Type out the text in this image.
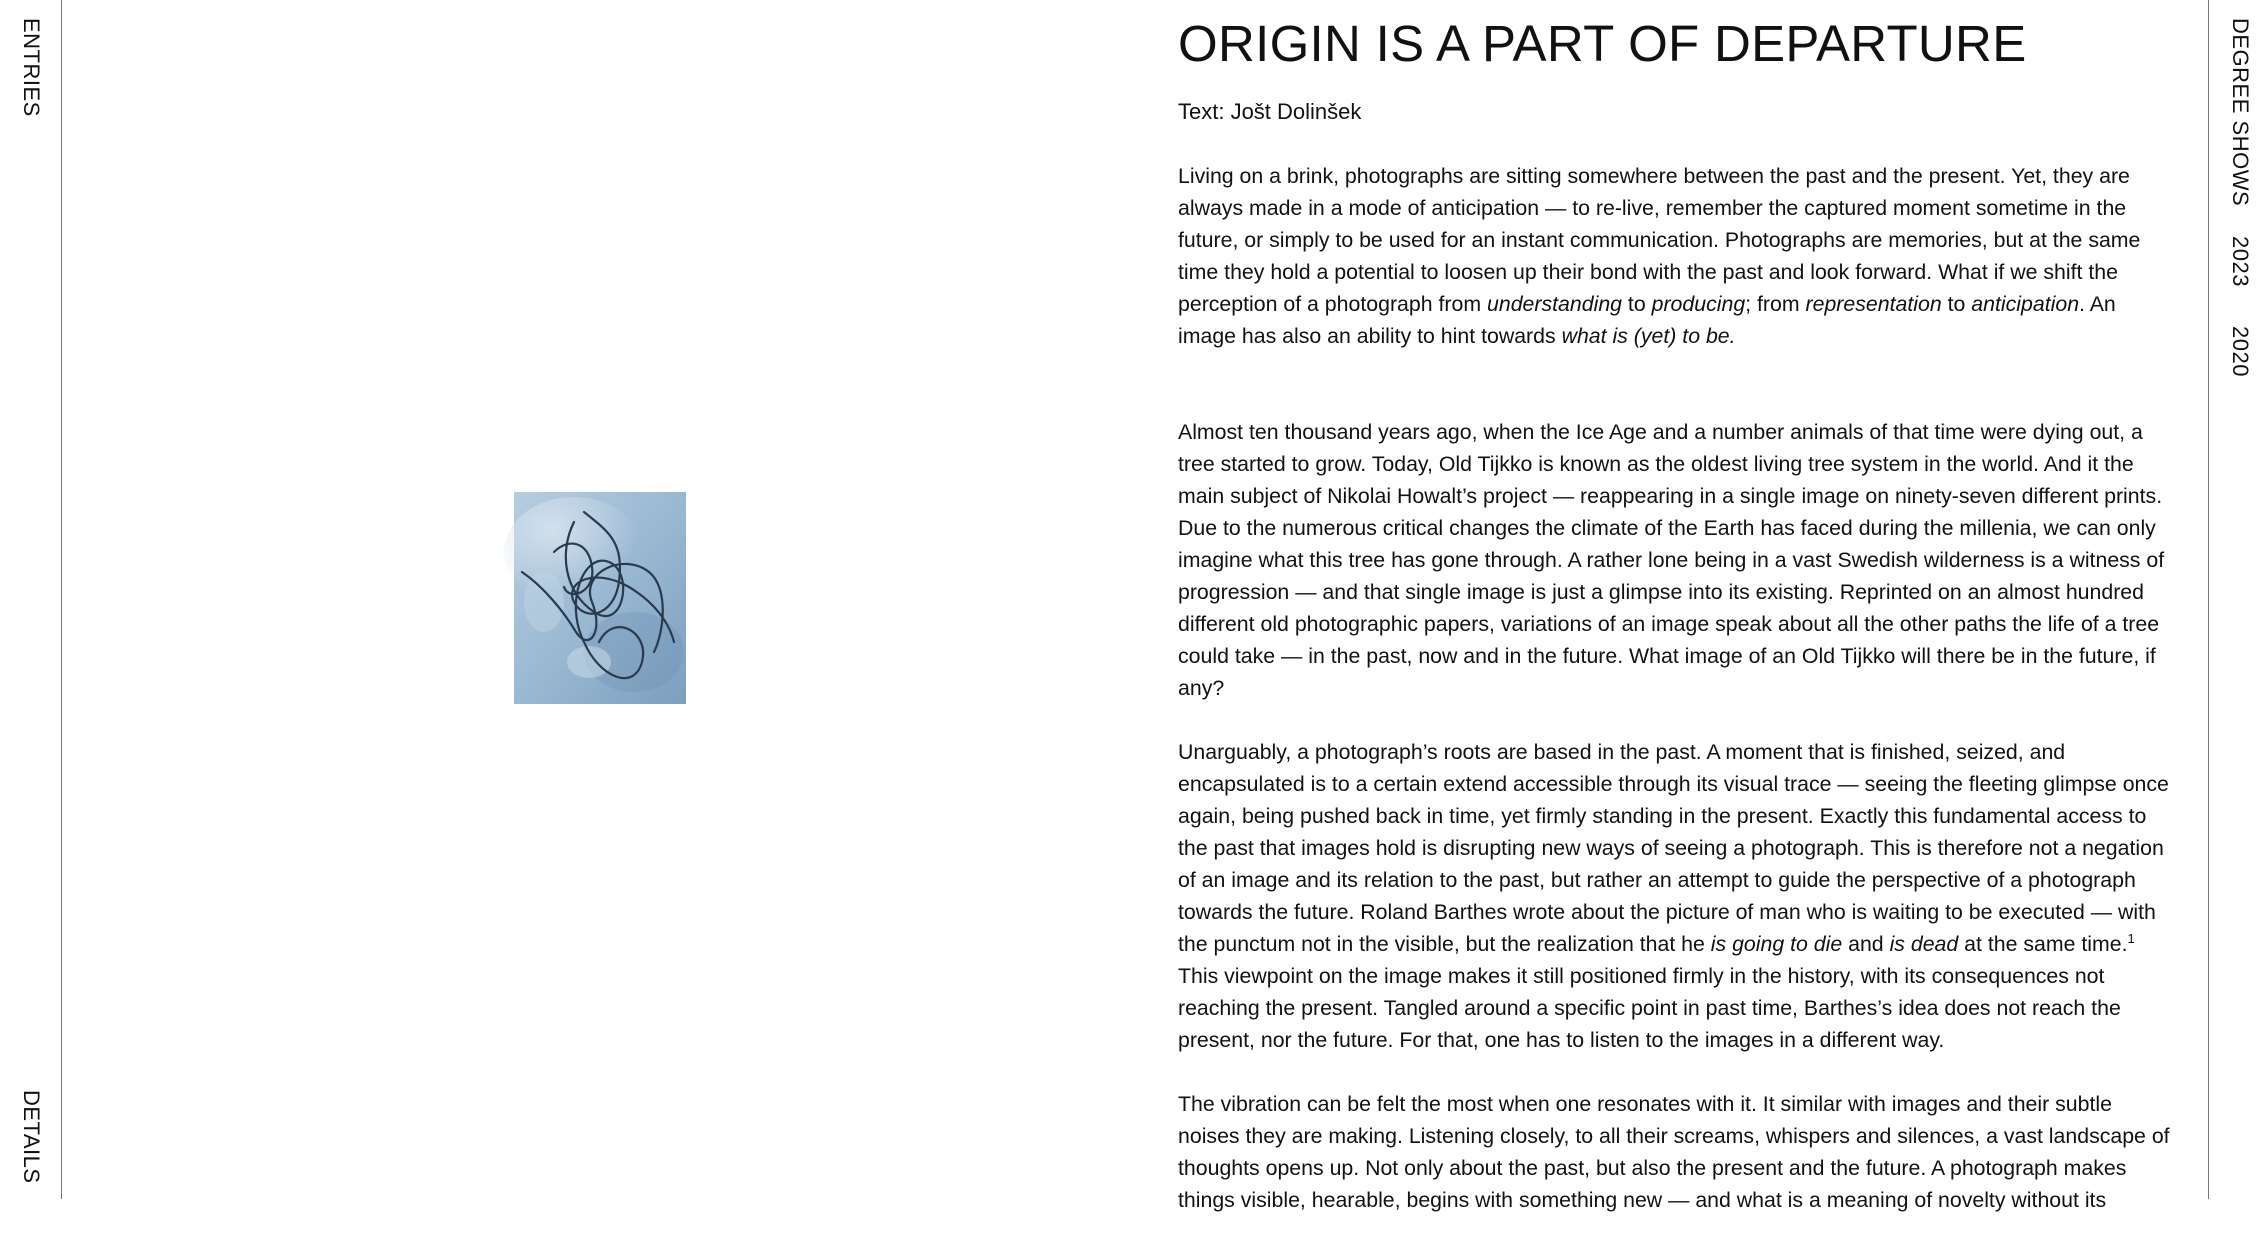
ENTRIES
DETAILS
ORIGIN IS A PART OF DEPARTURE
Text: Jošt Dolinšek

Living on a brink, photographs are sitting somewhere between the past and the present. Yet, they are always made in a mode of anticipation — to re-live, remember the captured moment sometime in the future, or simply to be used for an instant communication. Photographs are memories, but at the same time they hold a potential to loosen up their bond with the past and look forward. What if we shift the perception of a photograph from understanding to producing; from representation to anticipation. An image has also an ability to hint towards what is (yet) to be.

Almost ten thousand years ago, when the Ice Age and a number animals of that time were dying out, a tree started to grow. Today, Old Tijkko is known as the oldest living tree system in the world. And it the main subject of Nikolai Howalt’s project — reappearing in a single image on ninety-seven different prints. Due to the numerous critical changes the climate of the Earth has faced during the millenia, we can only imagine what this tree has gone through. A rather lone being in a vast Swedish wilderness is a witness of progression — and that single image is just a glimpse into its existing. Reprinted on an almost hundred different old photographic papers, variations of an image speak about all the other paths the life of a tree could take — in the past, now and in the future. What image of an Old Tijkko will there be in the future, if any?

Unarguably, a photograph’s roots are based in the past. A moment that is finished, seized, and encapsulated is to a certain extend accessible through its visual trace — seeing the fleeting glimpse once again, being pushed back in time, yet firmly standing in the present. Exactly this fundamental access to the past that images hold is disrupting new ways of seeing a photograph. This is therefore not a negation of an image and its relation to the past, but rather an attempt to guide the perspective of a photograph towards the future. Roland Barthes wrote about the picture of man who is waiting to be executed — with the punctum not in the visible, but the realization that he is going to die and is dead at the same time.$^1$ This viewpoint on the image makes it still positioned firmly in the history, with its consequences not reaching the present. Tangled around a specific point in past time, Barthes’s idea does not reach the present, nor the future. For that, one has to listen to the images in a different way.

The vibration can be felt the most when one resonates with it. It similar with images and their subtle noises they are making. Listening closely, to all their screams, whispers and silences, a vast landscape of thoughts opens up. Not only about the past, but also the present and the future. A photograph makes things visible, hearable, begins with something new — and what is a meaning of novelty without its

DEGREE SHOWS
2023
2020
